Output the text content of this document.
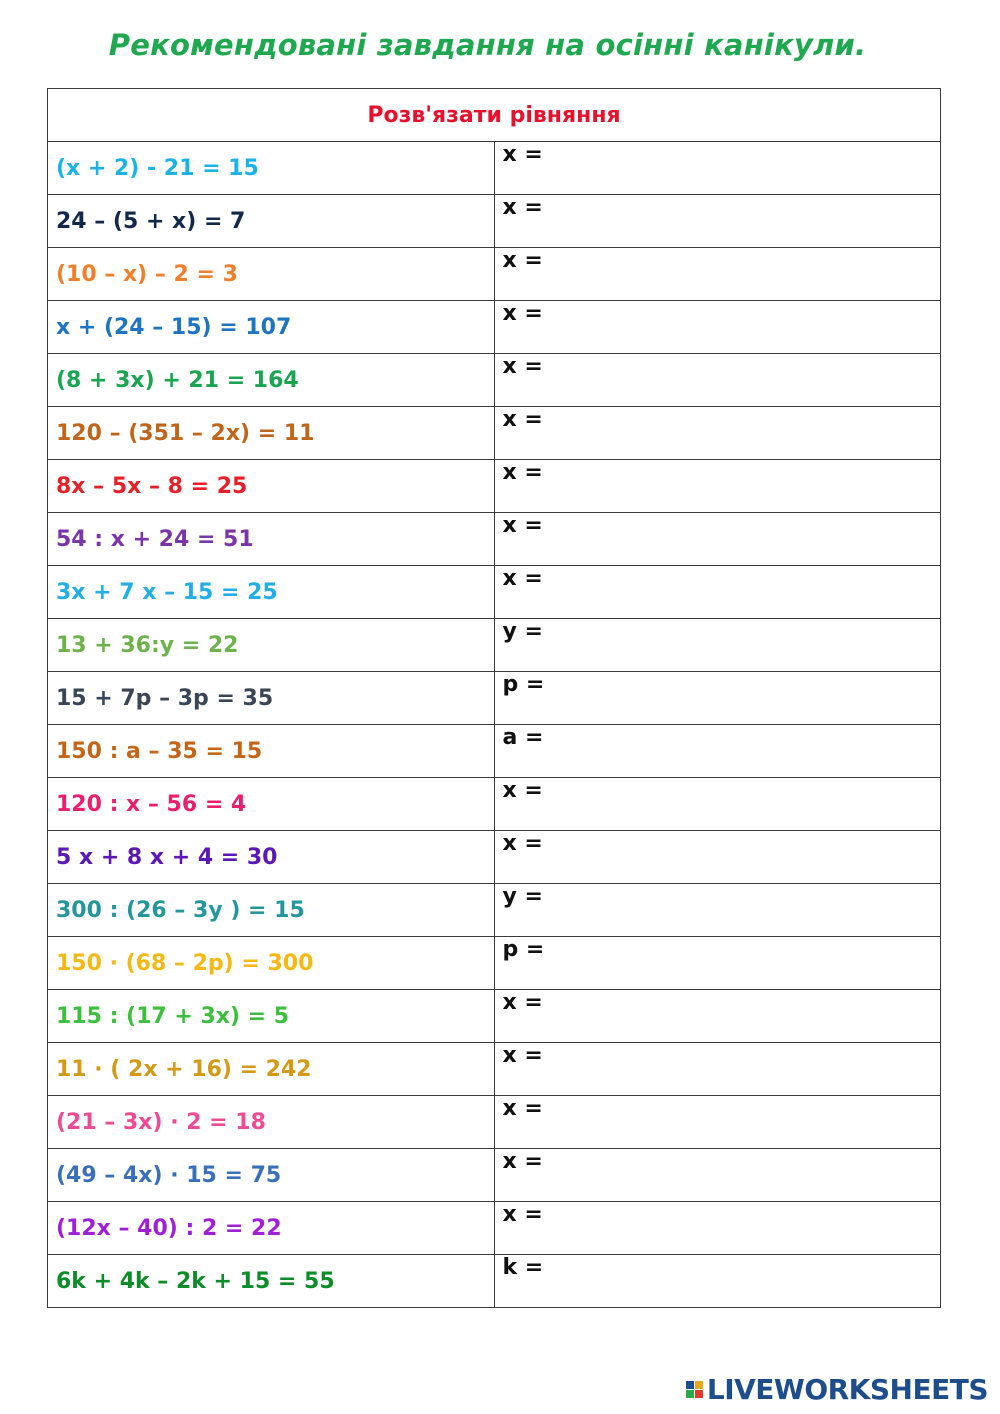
Рекомендовані завдання на осінні канікули.
Розв'язати рівняння	
(x + 2) - 21 = 15	x =
24 – (5 + x) = 7	x =
(10 – x) – 2 = 3	x =
x + (24 – 15) = 107	x =
(8 + 3x) + 21 = 164	x =
120 – (351 – 2x) = 11	x =
8x – 5x – 8 = 25	x =
54 : x + 24 = 51	x =
3x + 7 x – 15 = 25	x =
13 + 36:y = 22	y =
15 + 7p – 3p = 35	p =
150 : a – 35 = 15	a =
120 : x – 56 = 4	x =
5 x + 8 x + 4 = 30	x =
300 : (26 – 3y ) = 15	y =
150 · (68 – 2p) = 300	p =
115 : (17 + 3x) = 5	x =
11 · ( 2x + 16) = 242	x =
(21 – 3x) · 2 = 18	x =
(49 – 4x) · 15 = 75	x =
(12x – 40) : 2 = 22	x =
6k + 4k – 2k + 15 = 55	k =
LIVEWORKSHEETS
